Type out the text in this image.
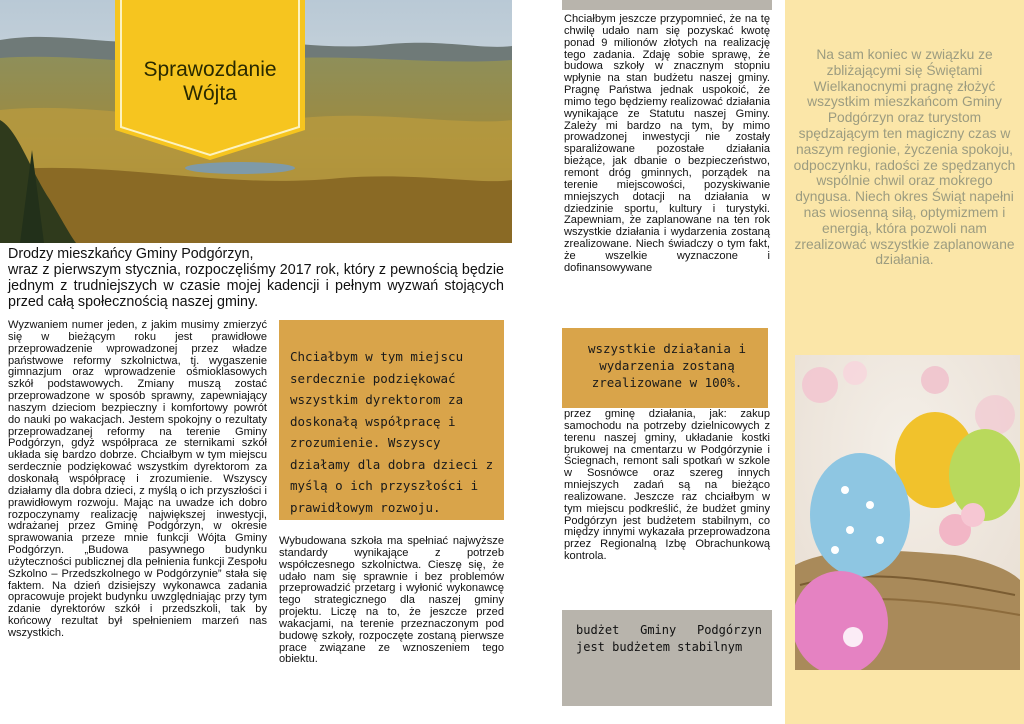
Sprawozdanie
Wójta

Drodzy mieszkańcy Gminy Podgórzyn,
wraz z pierwszym stycznia, rozpoczęliśmy 2017 rok, który z pewnością będzie jednym z trudniejszych w czasie mojej kadencji i pełnym wyzwań stojących przed całą społecznością naszej gminy.

Wyzwaniem numer jeden, z jakim musimy zmierzyć się w bieżącym roku jest prawidłowe przeprowadzenie wprowadzonej przez władze państwowe reformy szkolnictwa, tj. wygaszenie gimnazjum oraz wprowadzenie ośmioklasowych szkół podstawowych. Zmiany muszą zostać przeprowadzone w sposób sprawny, zapewniający naszym dzieciom bezpieczny i komfortowy powrót do nauki po wakacjach. Jestem spokojny o rezultaty przeprowadzanej reformy na terenie Gminy Podgórzyn, gdyż współpraca ze sternikami szkół układa się bardzo dobrze. Chciałbym w tym miejscu serdecznie podziękować wszystkim dyrektorom za doskonałą współpracę i zrozumienie. Wszyscy działamy dla dobra dzieci, z myślą o ich przyszłości i prawidłowym rozwoju. Mając na uwadze ich dobro rozpoczynamy realizację największej inwestycji, wdrażanej przez Gminę Podgórzyn, w okresie sprawowania przeze mnie funkcji Wójta Gminy Podgórzyn. „Budowa pasywnego budynku użyteczności publicznej dla pełnienia funkcji Zespołu Szkolno – Przedszkolnego w Podgórzynie” stała się faktem. Na dzień dzisiejszy wykonawca zadania opracowuje projekt budynku uwzględniając przy tym zdanie dyrektorów szkół i przedszkoli, tak by końcowy rezultat był spełnieniem marzeń nas wszystkich.

Chciałbym w tym miejscu serdecznie podziękować wszystkim dyrektorom za doskonałą współpracę i zrozumienie. Wszyscy działamy dla dobra dzieci z myślą o ich przyszłości i prawidłowym rozwoju.

Wybudowana szkoła ma spełniać najwyższe standardy wynikające z potrzeb współczesnego szkolnictwa. Cieszę się, że udało nam się sprawnie i bez problemów przeprowadzić przetarg i wyłonić wykonawcę tego strategicznego dla naszej gminy projektu. Liczę na to, że jeszcze przed wakacjami, na terenie przeznaczonym pod budowę szkoły, rozpoczęte zostaną pierwsze prace związane ze wznoszeniem tego obiektu.

Chciałbym jeszcze przypomnieć, że na tę chwilę udało nam się pozyskać kwotę ponad 9 milionów złotych na realizację tego zadania. Zdaję sobie sprawę, że budowa szkoły w znacznym stopniu wpłynie na stan budżetu naszej gminy. Pragnę Państwa jednak uspokoić, że mimo tego będziemy realizować działania wynikające ze Statutu naszej Gminy. Zależy mi bardzo na tym, by mimo prowadzonej inwestycji nie zostały sparaliżowane pozostałe działania bieżące, jak dbanie o bezpieczeństwo, remont dróg gminnych, porządek na terenie miejscowości, pozyskiwanie mniejszych dotacji na działania w dziedzinie sportu, kultury i turystyki. Zapewniam, że zaplanowane na ten rok wszystkie działania i wydarzenia zostaną zrealizowane. Niech świadczy o tym fakt, że wszelkie wyznaczone i dofinansowywane

wszystkie działania i wydarzenia zostaną zrealizowane w 100%.

przez gminę działania, jak: zakup samochodu na potrzeby dzielnicowych z terenu naszej gminy, układanie kostki brukowej na cmentarzu w Podgórzynie i Ściegnach, remont sali spotkań w szkole w Sosnówce oraz szereg innych mniejszych zadań są na bieżąco realizowane. Jeszcze raz chciałbym w tym miejscu podkreślić, że budżet gminy Podgórzyn jest budżetem stabilnym, co między innymi wykazała przeprowadzona przez Regionalną Izbę Obrachunkową kontrola.

budżet Gminy Podgórzyn jest budżetem stabilnym

Na sam koniec w związku ze zbliżającymi się Świętami Wielkanocnymi pragnę złożyć wszystkim mieszkańcom Gminy Podgórzyn oraz turystom spędzającym ten magiczny czas w naszym regionie, życzenia spokoju, odpoczynku, radości ze spędzanych wspólnie chwil oraz mokrego dyngusa. Niech okres Świąt napełni nas wiosenną siłą, optymizmem i energią, która pozwoli nam zrealizować wszystkie zaplanowane działania.
